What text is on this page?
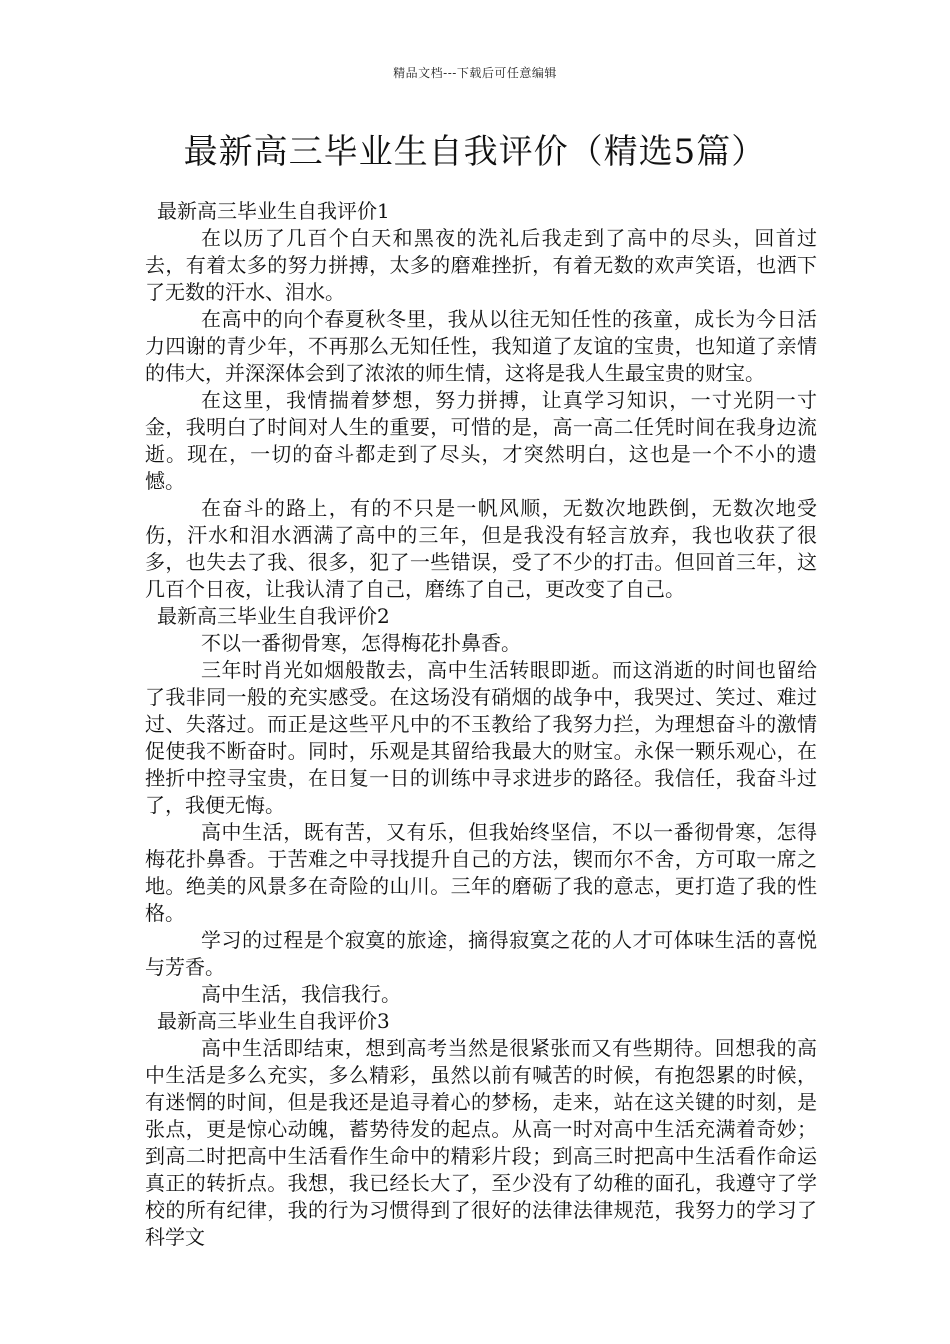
精品文档---下载后可任意编辑
最新高三毕业生自我评价（精选5篇）
最新高三毕业生自我评价1

在以历了几百个白天和黑夜的洗礼后我走到了高中的尽头，回首过去，有着太多的努力拼搏，太多的磨难挫折，有着无数的欢声笑语，也洒下了无数的汗水、泪水。

在高中的向个春夏秋冬里，我从以往无知任性的孩童，成长为今日活力四谢的青少年，不再那么无知任性，我知道了友谊的宝贵，也知道了亲情的伟大，并深深体会到了浓浓的师生情，这将是我人生最宝贵的财宝。

在这里，我情揣着梦想，努力拼搏，让真学习知识，一寸光阴一寸金，我明白了时间对人生的重要，可惜的是，高一高二任凭时间在我身边流逝。现在，一切的奋斗都走到了尽头，才突然明白，这也是一个不小的遗憾。

在奋斗的路上，有的不只是一帆风顺，无数次地跌倒，无数次地受伤，汗水和泪水洒满了高中的三年，但是我没有轻言放弃，我也收获了很多，也失去了我、很多，犯了一些错误，受了不少的打击。但回首三年，这几百个日夜，让我认清了自己，磨练了自己，更改变了自己。

最新高三毕业生自我评价2

不以一番彻骨寒，怎得梅花扑鼻香。

三年时肖光如烟般散去，高中生活转眼即逝。而这消逝的时间也留给了我非同一般的充实感受。在这场没有硝烟的战争中，我哭过、笑过、难过过、失落过。而正是这些平凡中的不玉教给了我努力拦，为理想奋斗的激情促使我不断奋时。同时，乐观是其留给我最大的财宝。永保一颗乐观心，在挫折中控寻宝贵，在日复一日的训练中寻求进步的路径。我信任，我奋斗过了，我便无悔。

高中生活，既有苦，又有乐，但我始终坚信，不以一番彻骨寒，怎得梅花扑鼻香。于苦难之中寻找提升自己的方法，锲而尔不舍，方可取一席之地。绝美的风景多在奇险的山川。三年的磨砺了我的意志，更打造了我的性格。

学习的过程是个寂寞的旅途，摘得寂寞之花的人才可体味生活的喜悦与芳香。

高中生活，我信我行。

最新高三毕业生自我评价3

高中生活即结束，想到高考当然是很紧张而又有些期待。回想我的高中生活是多么充实，多么精彩，虽然以前有喊苦的时候，有抱怨累的时候，有迷惘的时间，但是我还是追寻着心的梦杨，走来，站在这关键的时刻，是张点，更是惊心动魄，蓄势待发的起点。从高一时对高中生活充满着奇妙；到高二时把高中生活看作生命中的精彩片段；到高三时把高中生活看作命运真正的转折点。我想，我已经长大了，至少没有了幼稚的面孔，我遵守了学校的所有纪律，我的行为习惯得到了很好的法律法律规范，我努力的学习了科学文
